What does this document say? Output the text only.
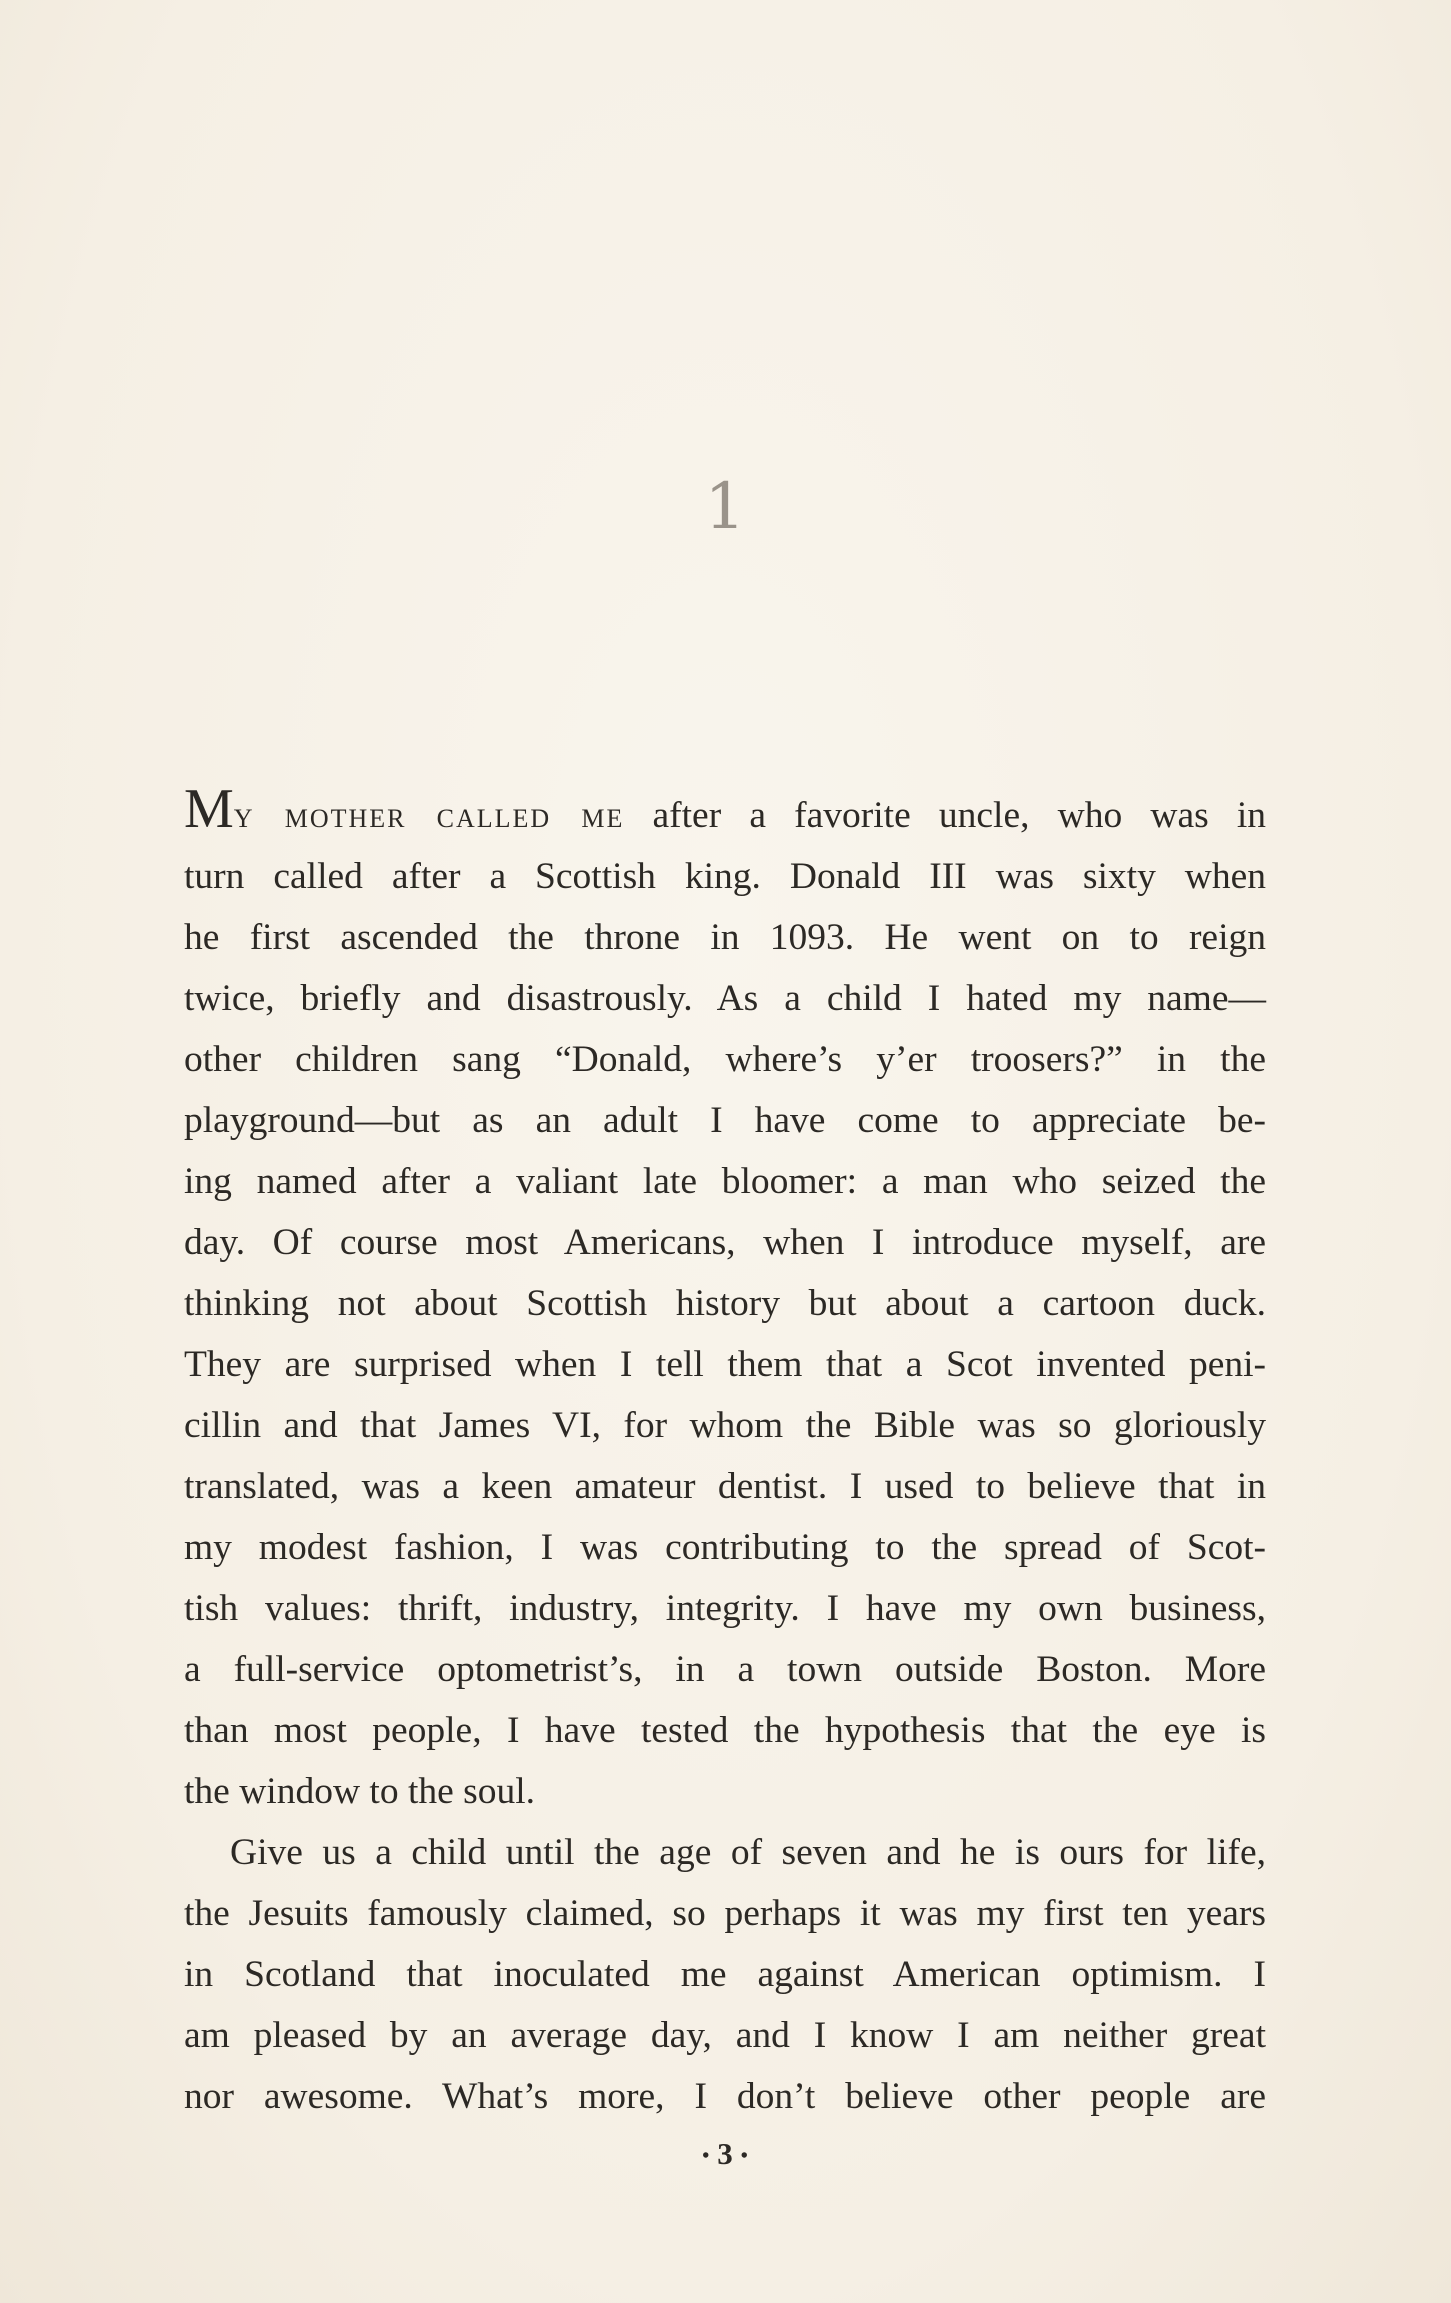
1
My mother called me after a favorite uncle, who was in
turn called after a Scottish king. Donald III was sixty when
he first ascended the throne in 1093. He went on to reign
twice, briefly and disastrously. As a child I hated my name—
other children sang “Donald, where’s y’er troosers?” in the
playground—but as an adult I have come to appreciate be-
ing named after a valiant late bloomer: a man who seized the
day. Of course most Americans, when I introduce myself, are
thinking not about Scottish history but about a cartoon duck.
They are surprised when I tell them that a Scot invented peni-
cillin and that James VI, for whom the Bible was so gloriously
translated, was a keen amateur dentist. I used to believe that in
my modest fashion, I was contributing to the spread of Scot-
tish values: thrift, industry, integrity. I have my own business,
a full-service optometrist’s, in a town outside Boston. More
than most people, I have tested the hypothesis that the eye is
the window to the soul.
Give us a child until the age of seven and he is ours for life,
the Jesuits famously claimed, so perhaps it was my first ten years
in Scotland that inoculated me against American optimism. I
am pleased by an average day, and I know I am neither great
nor awesome. What’s more, I don’t believe other people are
• 3 •
